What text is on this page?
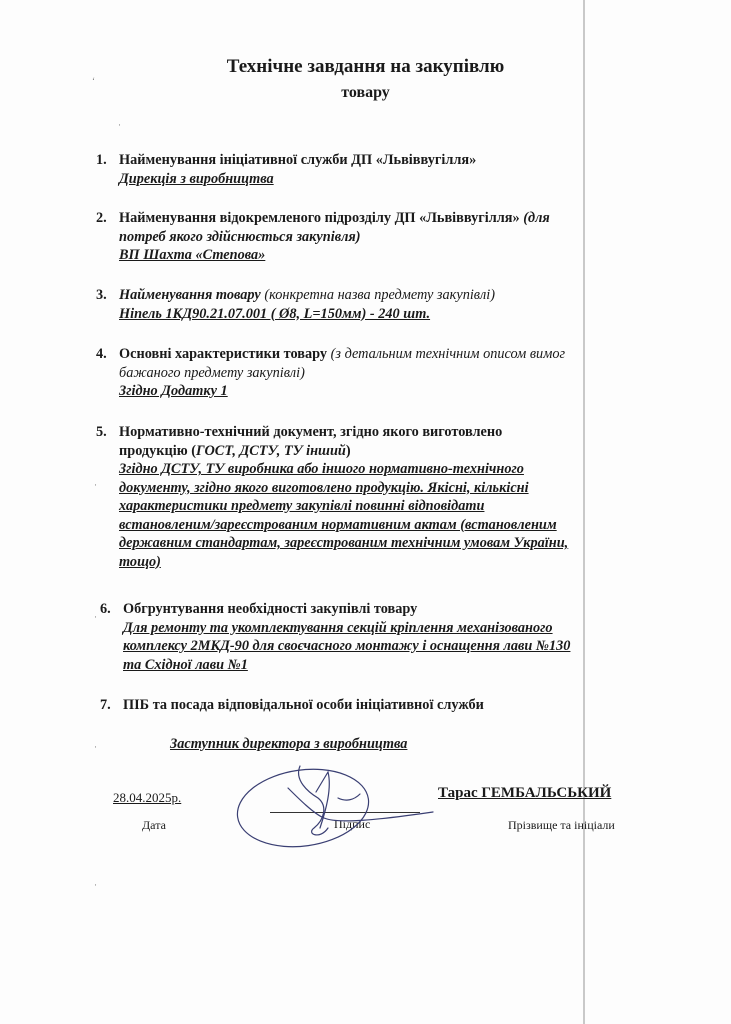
Технічне завдання на закупівлю
товару
‘
·
·
·
·
·
1. Найменування ініціативної служби ДП «Львіввугілля»
Дирекція з виробництва
2. Найменування відокремленого підрозділу ДП «Львіввугілля» (для
потреб якого здійснюється закупівля)
ВП Шахта «Степова»
3. Найменування товару (конкретна назва предмету закупівлі)
Ніпель 1КД90.21.07.001 ( Ø8, L=150мм) - 240 шт.
4. Основні характеристики товару (з детальним технічним описом вимог
бажаного предмету закупівлі)
Згідно Додатку 1
5. Нормативно-технічний документ, згідно якого виготовлено
продукцію (ГОСТ, ДСТУ, ТУ інший)
Згідно ДСТУ, ТУ виробника або іншого нормативно-технічного
документу, згідно якого виготовлено продукцію. Якісні, кількісні
характеристики предмету закупівлі повинні відповідати
встановленим/зареєстрованим нормативним актам (встановленим
державним стандартам, зареєстрованим технічним умовам України,
тощо)
6. Обгрунтування необхідності закупівлі товару
Для ремонту та укомплектування секцій кріплення механізованого
комплексу 2МКД-90 для своєчасного монтажу і оснащення лави №130
та Східної лави №1
7. ПІБ та посада відповідальної особи ініціативної служби
Заступник директора з виробництва
28.04.2025р.
Дата	Підпис
Тарас ГЕМБАЛЬСЬКИЙ
Прізвище та ініціали
